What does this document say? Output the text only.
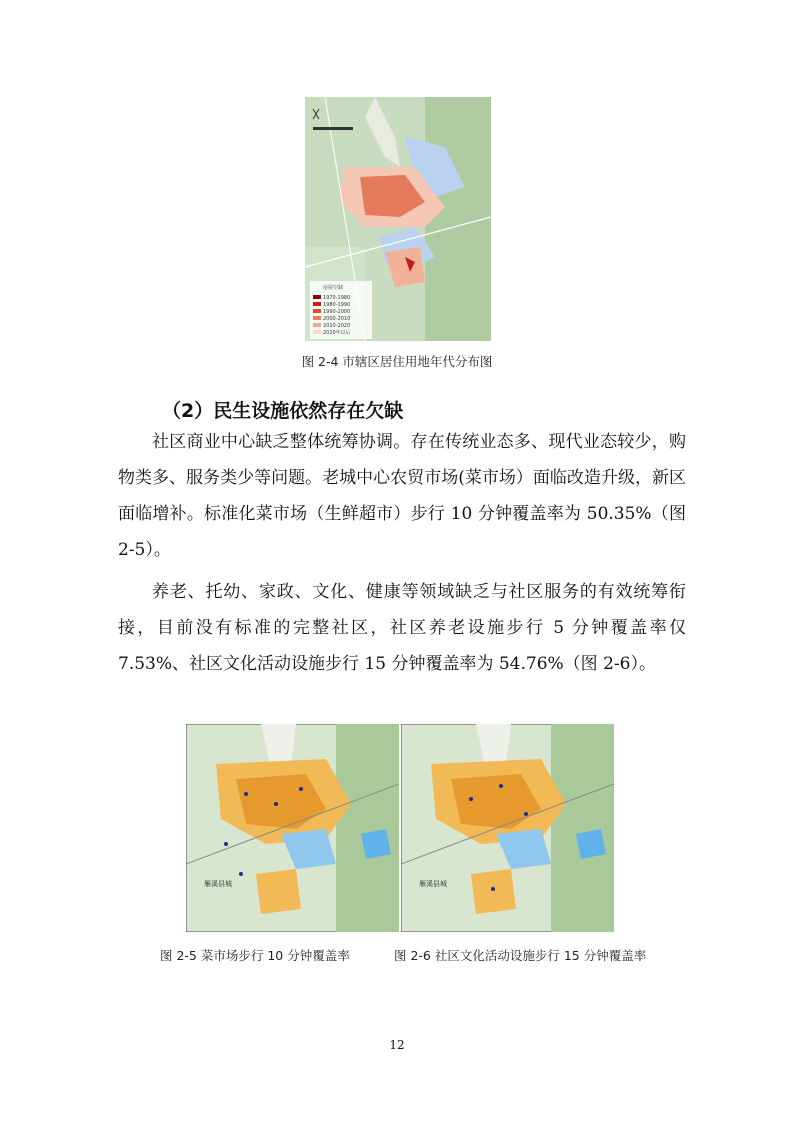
房屋空缺
1970-1980
1980-1990
1990-2000
2000-2010
2010-2020
2020年以后
图 2-4 市辖区居住用地年代分布图
（2）民生设施依然存在欠缺
社区商业中心缺乏整体统筹协调。存在传统业态多、现代业态较少，购物类多、服务类少等问题。老城中心农贸市场(菜市场）面临改造升级，新区面临增补。标准化菜市场（生鲜超市）步行 10 分钟覆盖率为 50.35%（图 2-5）。
养老、托幼、家政、文化、健康等领域缺乏与社区服务的有效统筹衔接，目前没有标准的完整社区，社区养老设施步行 5 分钟覆盖率仅 7.53%、社区文化活动设施步行 15 分钟覆盖率为 54.76%（图 2-6）。
雁溪县城	雁溪县城
图 2-5 菜市场步行 10 分钟覆盖率	图 2-6 社区文化活动设施步行 15 分钟覆盖率
12
